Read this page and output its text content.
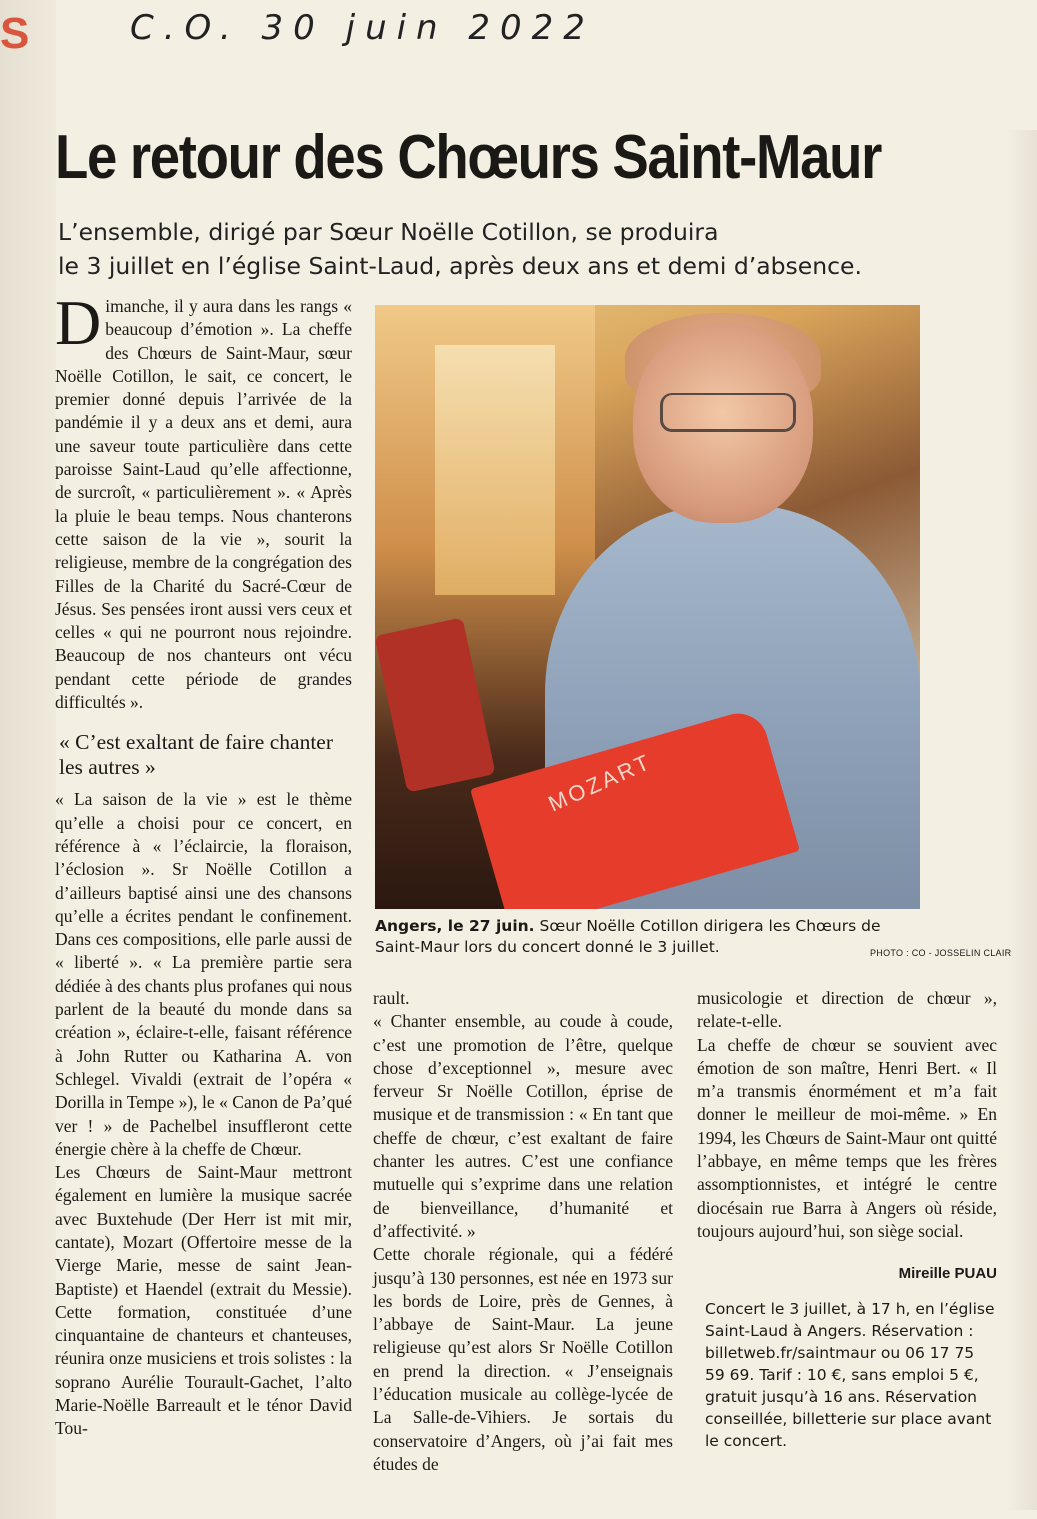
S	C.O. 30 juin 2022
Le retour des Chœurs Saint-Maur
L’ensemble, dirigé par Sœur Noëlle Cotillon, se produira
le 3 juillet en l’église Saint-Laud, après deux ans et demi d’absence.

Dimanche, il y aura dans les rangs « beaucoup d’émotion ». La cheffe des Chœurs de Saint-Maur, sœur Noëlle Cotillon, le sait, ce concert, le premier donné depuis l’arrivée de la pandémie il y a deux ans et demi, aura une saveur toute particulière dans cette paroisse Saint-Laud qu’elle affectionne, de surcroît, « particulièrement ». « Après la pluie le beau temps. Nous chanterons cette saison de la vie », sourit la religieuse, membre de la congrégation des Filles de la Charité du Sacré-Cœur de Jésus. Ses pensées iront aussi vers ceux et celles « qui ne pourront nous rejoindre. Beaucoup de nos chanteurs ont vécu pendant cette période de grandes difficultés ».

« C’est exaltant de faire chanter les autres »

« La saison de la vie » est le thème qu’elle a choisi pour ce concert, en référence à « l’éclaircie, la floraison, l’éclosion ». Sr Noëlle Cotillon a d’ailleurs baptisé ainsi une des chansons qu’elle a écrites pendant le confinement. Dans ces compositions, elle parle aussi de « liberté ». « La première partie sera dédiée à des chants plus profanes qui nous parlent de la beauté du monde dans sa création », éclaire-t-elle, faisant référence à John Rutter ou Katharina A. von Schlegel. Vivaldi (extrait de l’opéra « Dorilla in Tempe »), le « Canon de Pa’qué ver ! » de Pachelbel insuffleront cette énergie chère à la cheffe de Chœur.

Les Chœurs de Saint-Maur mettront également en lumière la musique sacrée avec Buxtehude (Der Herr ist mit mir, cantate), Mozart (Offertoire messe de la Vierge Marie, messe de saint Jean-Baptiste) et Haendel (extrait du Messie). Cette formation, constituée d’une cinquantaine de chanteurs et chanteuses, réunira onze musiciens et trois solistes : la soprano Aurélie Tourault-Gachet, l’alto Marie-Noëlle Barreault et le ténor David Tou-

MOZART
Angers, le 27 juin. Sœur Noëlle Cotillon dirigera les Chœurs de Saint-Maur lors du concert donné le 3 juillet.	PHOTO : CO - JOSSELIN CLAIR

rault.

« Chanter ensemble, au coude à coude, c’est une promotion de l’être, quelque chose d’exceptionnel », mesure avec ferveur Sr Noëlle Cotillon, éprise de musique et de transmission : « En tant que cheffe de chœur, c’est exaltant de faire chanter les autres. C’est une confiance mutuelle qui s’exprime dans une relation de bienveillance, d’humanité et d’affectivité. »

Cette chorale régionale, qui a fédéré jusqu’à 130 personnes, est née en 1973 sur les bords de Loire, près de Gennes, à l’abbaye de Saint-Maur. La jeune religieuse qu’est alors Sr Noëlle Cotillon en prend la direction. « J’enseignais l’éducation musicale au collège-lycée de La Salle-de-Vihiers. Je sortais du conservatoire d’Angers, où j’ai fait mes études de

musicologie et direction de chœur », relate-t-elle.

La cheffe de chœur se souvient avec émotion de son maître, Henri Bert. « Il m’a transmis énormément et m’a fait donner le meilleur de moi-même. » En 1994, les Chœurs de Saint-Maur ont quitté l’abbaye, en même temps que les frères assomptionnistes, et intégré le centre diocésain rue Barra à Angers où réside, toujours aujourd’hui, son siège social.

Mireille PUAU
Concert le 3 juillet, à 17 h, en l’église Saint-Laud à Angers. Réservation : billetweb.fr/saintmaur ou 06 17 75 59 69. Tarif : 10 €, sans emploi 5 €, gratuit jusqu’à 16 ans. Réservation conseillée, billetterie sur place avant le concert.
